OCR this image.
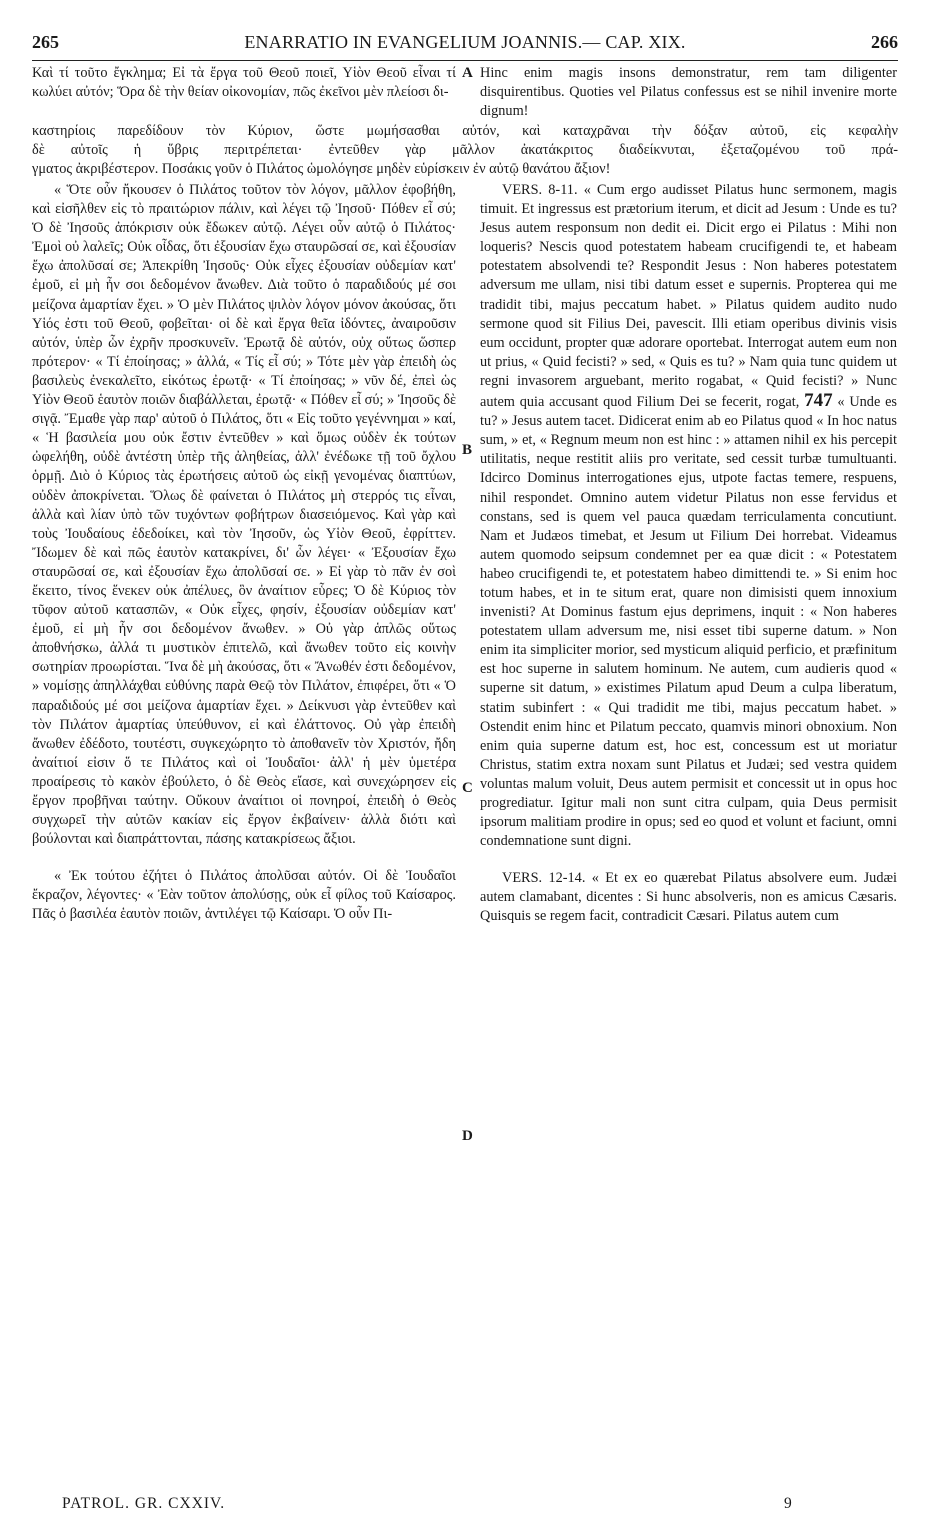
265	ENARRATIO IN EVANGELIUM JOANNIS.— CAP. XIX.	266

Καὶ τί τοῦτο ἔγκλημα; Εἰ τὰ ἔργα τοῦ Θεοῦ ποιεῖ, Υἱὸν Θεοῦ εἶναι τί κωλύει αὐτόν; Ὅρα δὲ τὴν θείαν οἰκονομίαν, πῶς ἐκεῖνοι μὲν πλείοσι δι-

Hinc enim magis insons demonstratur, rem tam diligenter disquirentibus. Quoties vel Pilatus confessus est se nihil invenire morte dignum!

A
καστηρίοις παρεδίδουν τὸν Κύριον, ὥστε μωμήσασθαι αὐτόν, καὶ καταχρᾶναι τὴν δόξαν αὐτοῦ, εἰς κεφαλὴν
δὲ αὐτοῖς ἡ ὕβρις περιτρέπεται· ἐντεῦθεν γὰρ μᾶλλον ἀκατάκριτος διαδείκνυται, ἐξεταζομένου τοῦ πρά-
γματος ἀκριβέστερον. Ποσάκις γοῦν ὁ Πιλάτος ὡμολόγησε μηδὲν εὑρίσκειν ἐν αὐτῷ θανάτου ἄξιον!

« Ὅτε οὖν ἤκουσεν ὁ Πιλάτος τοῦτον τὸν λόγον, μᾶλλον ἐφοβήθη, καὶ εἰσῆλθεν εἰς τὸ πραιτώριον πάλιν, καὶ λέγει τῷ Ἰησοῦ· Πόθεν εἶ σύ; Ὁ δὲ Ἰησοῦς ἀπόκρισιν οὐκ ἔδωκεν αὐτῷ. Λέγει οὖν αὐτῷ ὁ Πιλάτος· Ἐμοὶ οὐ λαλεῖς; Οὐκ οἶδας, ὅτι ἐξουσίαν ἔχω σταυρῶσαί σε, καὶ ἐξουσίαν ἔχω ἀπολῦσαί σε; Ἀπεκρίθη Ἰησοῦς· Οὐκ εἶχες ἐξουσίαν οὐδεμίαν κατ' ἐμοῦ, εἰ μὴ ἦν σοι δεδομένον ἄνωθεν. Διὰ τοῦτο ὁ παραδιδούς μέ σοι μείζονα ἁμαρτίαν ἔχει. » Ὁ μὲν Πιλάτος ψιλὸν λόγον μόνον ἀκούσας, ὅτι Υἱός ἐστι τοῦ Θεοῦ, φοβεῖται· οἱ δὲ καὶ ἔργα θεῖα ἰδόντες, ἀναιροῦσιν αὐτόν, ὑπὲρ ὧν ἐχρῆν προσκυνεῖν. Ἐρωτᾷ δὲ αὐτόν, οὐχ οὕτως ὥσπερ πρότερον· « Τί ἐποίησας; » ἀλλά, « Τίς εἶ σύ; » Τότε μὲν γὰρ ἐπειδὴ ὡς βασιλεὺς ἐνεκαλεῖτο, εἰκότως ἐρωτᾷ· « Τί ἐποίησας; » νῦν δέ, ἐπεὶ ὡς Υἱὸν Θεοῦ ἑαυτὸν ποιῶν διαβάλλεται, ἐρωτᾷ· « Πόθεν εἶ σύ; » Ἰησοῦς δὲ σιγᾷ. Ἔμαθε γὰρ παρ' αὐτοῦ ὁ Πιλάτος, ὅτι « Εἰς τοῦτο γεγέννημαι » καί, « Ἡ βασιλεία μου οὐκ ἔστιν ἐντεῦθεν » καὶ ὅμως οὐδὲν ἐκ τούτων ὠφελήθη, οὐδὲ ἀντέστη ὑπὲρ τῆς ἀληθείας, ἀλλ' ἐνέδωκε τῇ τοῦ ὄχλου ὁρμῇ. Διὸ ὁ Κύριος τὰς ἐρωτήσεις αὐτοῦ ὡς εἰκῇ γενομένας διαπτύων, οὐδὲν ἀποκρίνεται. Ὅλως δὲ φαίνεται ὁ Πιλάτος μὴ στερρός τις εἶναι, ἀλλὰ καὶ λίαν ὑπὸ τῶν τυχόντων φοβήτρων διασειόμενος. Καὶ γὰρ καὶ τοὺς Ἰουδαίους ἐδεδοίκει, καὶ τὸν Ἰησοῦν, ὡς Υἱὸν Θεοῦ, ἐφρίττεν. Ἴδωμεν δὲ καὶ πῶς ἑαυτὸν κατακρίνει, δι' ὧν λέγει· « Ἐξουσίαν ἔχω σταυρῶσαί σε, καὶ ἐξουσίαν ἔχω ἀπολῦσαί σε. » Εἰ γὰρ τὸ πᾶν ἐν σοὶ ἔκειτο, τίνος ἕνεκεν οὐκ ἀπέλυες, ὃν ἀναίτιον εὗρες; Ὁ δὲ Κύριος τὸν τῦφον αὐτοῦ κατασπῶν, « Οὐκ εἶχες, φησίν, ἐξουσίαν οὐδεμίαν κατ' ἐμοῦ, εἰ μὴ ἦν σοι δεδομένον ἄνωθεν. » Οὐ γὰρ ἁπλῶς οὕτως ἀποθνήσκω, ἀλλά τι μυστικὸν ἐπιτελῶ, καὶ ἄνωθεν τοῦτο εἰς κοινὴν σωτηρίαν προωρίσται. Ἵνα δὲ μὴ ἀκούσας, ὅτι « Ἄνωθέν ἐστι δεδομένον, » νομίσῃς ἀπηλλάχθαι εὐθύνης παρὰ Θεῷ τὸν Πιλάτον, ἐπιφέρει, ὅτι « Ὁ παραδιδούς μέ σοι μείζονα ἁμαρτίαν ἔχει. » Δείκνυσι γὰρ ἐντεῦθεν καὶ τὸν Πιλάτον ἁμαρτίας ὑπεύθυνον, εἰ καὶ ἐλάττονος. Οὐ γὰρ ἐπειδὴ ἄνωθεν ἐδέδοτο, τουτέστι, συγκεχώρητο τὸ ἀποθανεῖν τὸν Χριστόν, ἤδη ἀναίτιοί εἰσιν ὅ τε Πιλάτος καὶ οἱ Ἰουδαῖοι· ἀλλ' ἡ μὲν ὑμετέρα προαίρεσις τὸ κακὸν ἐβούλετο, ὁ δὲ Θεὸς εἴασε, καὶ συνεχώρησεν εἰς ἔργον προβῆναι ταύτην. Οὔκουν ἀναίτιοι οἱ πονηροί, ἐπειδὴ ὁ Θεὸς συγχωρεῖ τὴν αὐτῶν κακίαν εἰς ἔργον ἐκβαίνειν· ἀλλὰ διότι καὶ βούλονται καὶ διαπράττονται, πάσης κατακρίσεως ἄξιοι.

« Ἐκ τούτου ἐζήτει ὁ Πιλάτος ἀπολῦσαι αὐτόν. Οἱ δὲ Ἰουδαῖοι ἔκραζον, λέγοντες· « Ἐὰν τοῦτον ἀπολύσῃς, οὐκ εἶ φίλος τοῦ Καίσαρος. Πᾶς ὁ βασιλέα ἑαυτὸν ποιῶν, ἀντιλέγει τῷ Καίσαρι. Ὁ οὖν Πι-

VERS. 8-11. « Cum ergo audisset Pilatus hunc sermonem, magis timuit. Et ingressus est prætorium iterum, et dicit ad Jesum : Unde es tu? Jesus autem responsum non dedit ei. Dicit ergo ei Pilatus : Mihi non loqueris? Nescis quod potestatem habeam crucifigendi te, et habeam potestatem absolvendi te? Respondit Jesus : Non haberes potestatem adversum me ullam, nisi tibi datum esset e supernis. Propterea qui me tradidit tibi, majus peccatum habet. » Pilatus quidem audito nudo sermone quod sit Filius Dei, pavescit. Illi etiam operibus divinis visis eum occidunt, propter quæ adorare oportebat. Interrogat autem eum non ut prius, « Quid fecisti? » sed, « Quis es tu? » Nam quia tunc quidem ut regni invasorem arguebant, merito rogabat, « Quid fecisti? » Nunc autem quia accusant quod Filium Dei se fecerit, rogat, 747 « Unde es tu? » Jesus autem tacet. Didicerat enim ab eo Pilatus quod « In hoc natus sum, » et, « Regnum meum non est hinc : » attamen nihil ex his percepit utilitatis, neque restitit aliis pro veritate, sed cessit turbæ tumultuanti. Idcirco Dominus interrogationes ejus, utpote factas temere, respuens, nihil respondet. Omnino autem videtur Pilatus non esse fervidus et constans, sed is quem vel pauca quædam terriculamenta concutiunt. Nam et Judæos timebat, et Jesum ut Filium Dei horrebat. Videamus autem quomodo seipsum condemnet per ea quæ dicit : « Potestatem habeo crucifigendi te, et potestatem habeo dimittendi te. » Si enim hoc totum habes, et in te situm erat, quare non dimisisti quem innoxium invenisti? At Dominus fastum ejus deprimens, inquit : « Non haberes potestatem ullam adversum me, nisi esset tibi superne datum. » Non enim ita simpliciter morior, sed mysticum aliquid perficio, et præfinitum est hoc superne in salutem hominum. Ne autem, cum audieris quod « superne sit datum, » existimes Pilatum apud Deum a culpa liberatum, statim subinfert : « Qui tradidit me tibi, majus peccatum habet. » Ostendit enim hinc et Pilatum peccato, quamvis minori obnoxium. Non enim quia superne datum est, hoc est, concessum est ut moriatur Christus, statim extra noxam sunt Pilatus et Judæi; sed vestra quidem voluntas malum voluit, Deus autem permisit et concessit ut in opus hoc progrediatur. Igitur mali non sunt citra culpam, quia Deus permisit ipsorum malitiam prodire in opus; sed eo quod et volunt et faciunt, omni condemnatione sunt digni.

VERS. 12-14. « Et ex eo quærebat Pilatus absolvere eum. Judæi autem clamabant, dicentes : Si hunc absolveris, non es amicus Cæsaris. Quisquis se regem facit, contradicit Cæsari. Pilatus autem cum

B
C
D
PATROL. GR. CXXIV.	9
